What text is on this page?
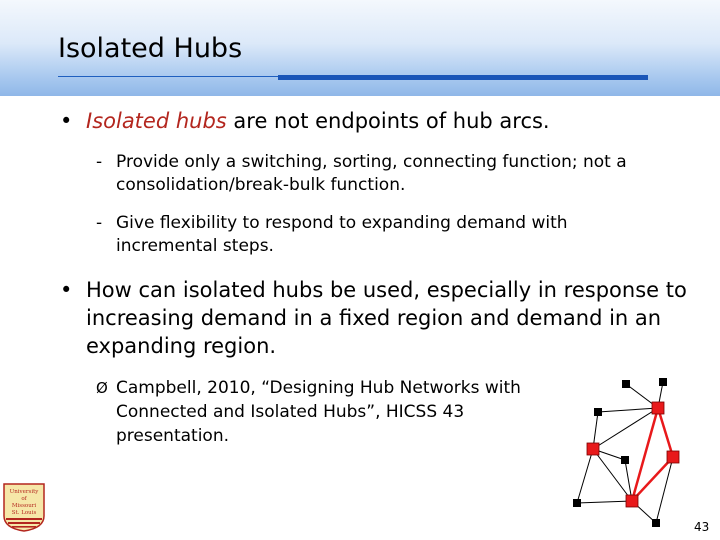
Isolated Hubs
• Isolated hubs are not endpoints of hub arcs.
- Provide only a switching, sorting, connecting function; not a
consolidation/break-bulk function.
- Give flexibility to respond to expanding demand with
incremental steps.
• How can isolated hubs be used, especially in response to
increasing demand in a fixed region and demand in an
expanding region.
Ø Campbell, 2010, “Designing Hub Networks with
Connected and Isolated Hubs”, HICSS 43
presentation.
University
of
Missouri
St. Louis
43
